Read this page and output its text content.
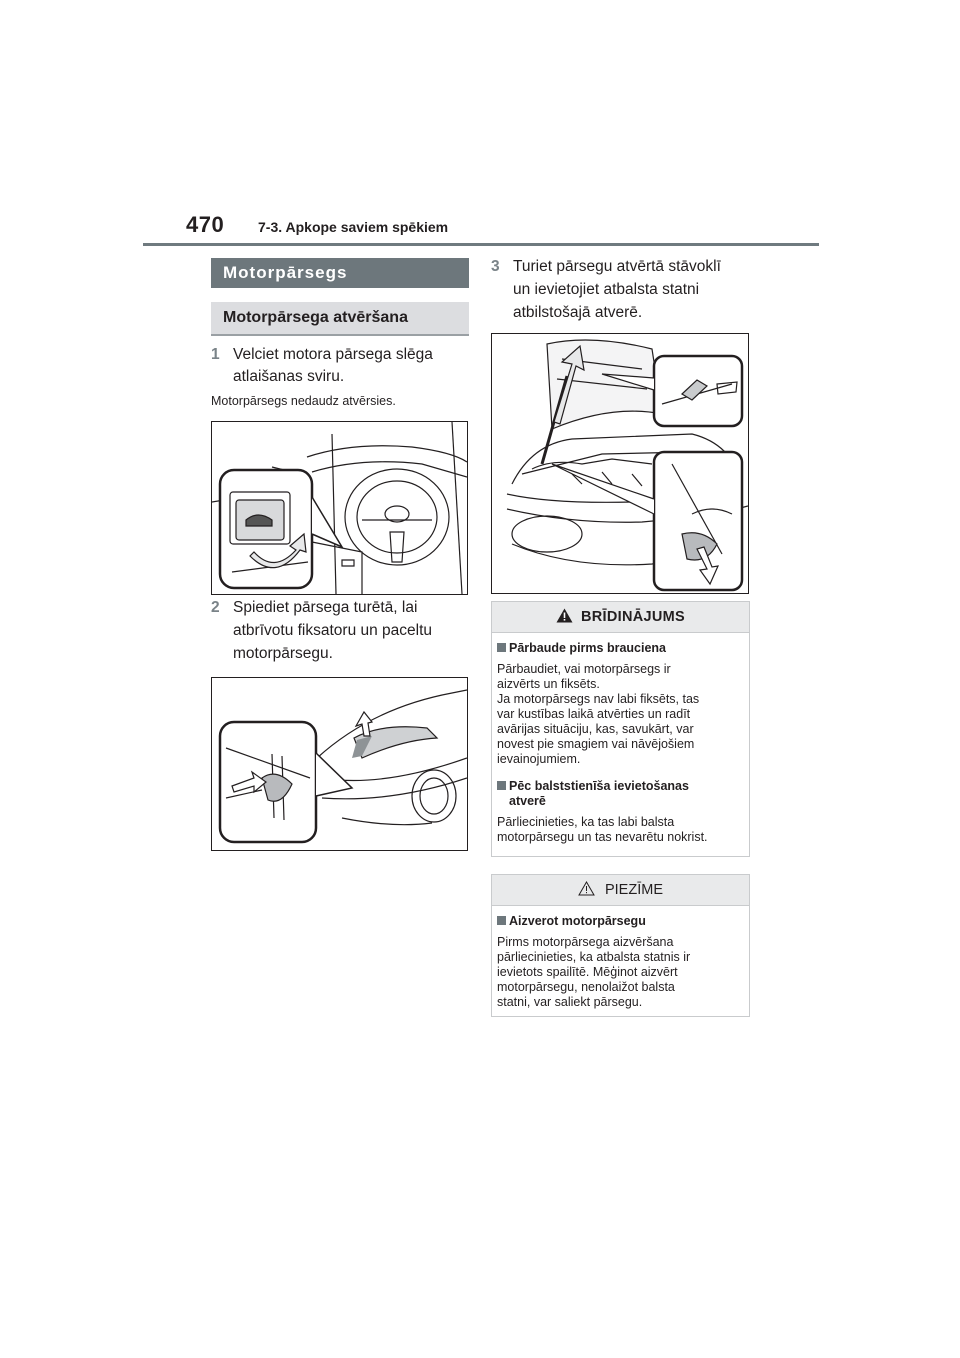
470 7-3. Apkope saviem spēkiem
Motorpārsegs
Motorpārsega atvēršana
1 Velciet motora pārsega slēga
atlaišanas sviru.
Motorpārsegs nedaudz atvērsies.
2 Spiediet pārsega turētā, lai
atbrīvotu fiksatoru un paceltu
motorpārsegu.
3 Turiet pārsegu atvērtā stāvoklī
un ievietojiet atbalsta statni
atbilstošajā atverē.
BRĪDINĀJUMS
Pārbaude pirms brauciena
Pārbaudiet, vai motorpārsegs ir
aizvērts un fiksēts.
Ja motorpārsegs nav labi fiksēts, tas
var kustības laikā atvērties un radīt
avārijas situāciju, kas, savukārt, var
novest pie smagiem vai nāvējošiem
ievainojumiem.
Pēc balststienīša ievietošanas
atverē
Pārliecinieties, ka tas labi balsta
motorpārsegu un tas nevarētu nokrist.
PIEZĪME
Aizverot motorpārsegu
Pirms motorpārsega aizvēršana
pārliecinieties, ka atbalsta statnis ir
ievietots spailītē. Mēģinot aizvērt
motorpārsegu, nenolaižot balsta
statni, var saliekt pārsegu.
